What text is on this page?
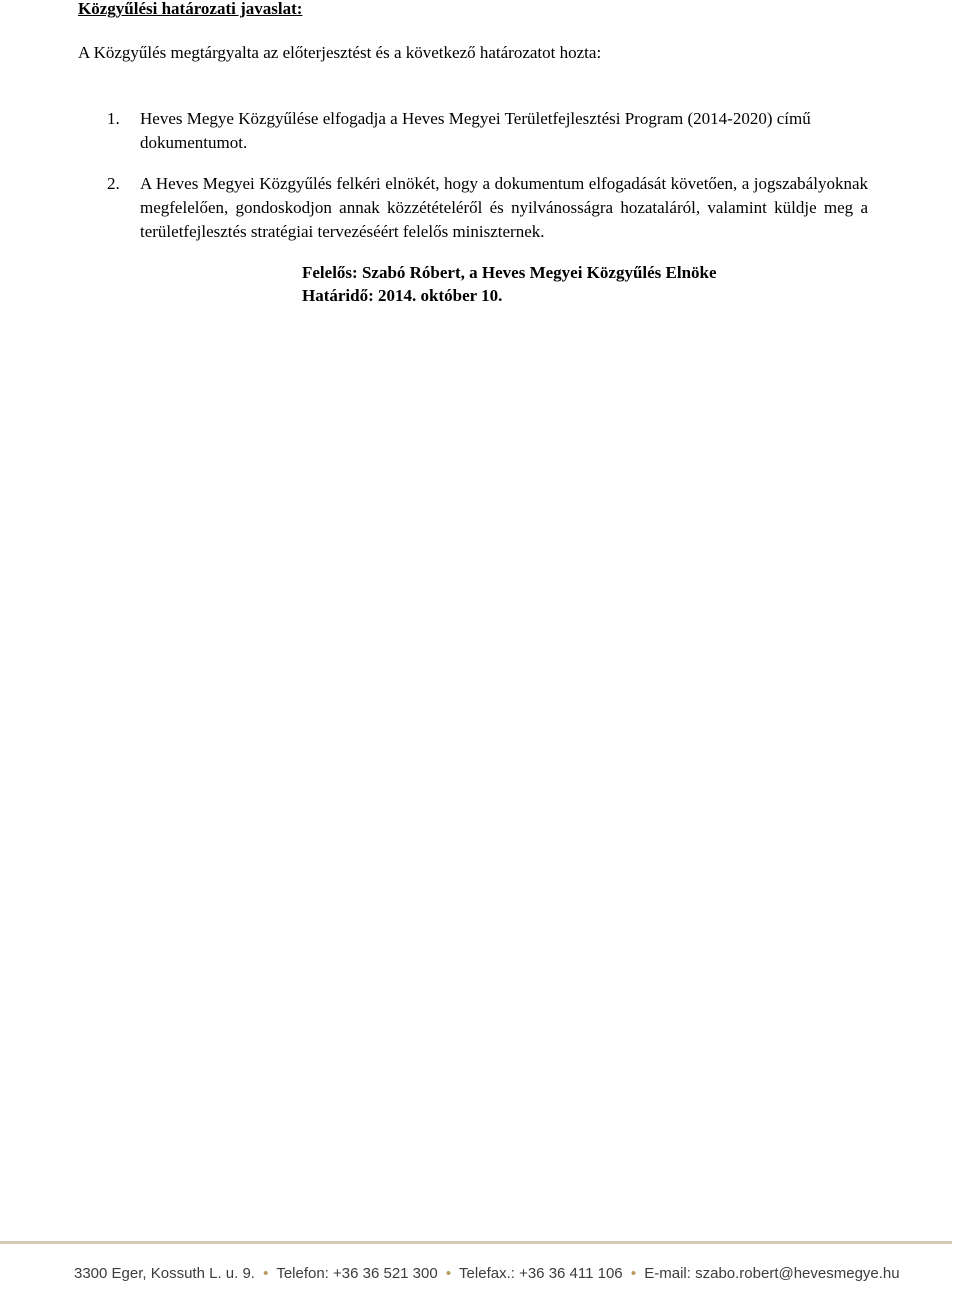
Közgyűlési határozati javaslat:
A Közgyűlés megtárgyalta az előterjesztést és a következő határozatot hozta:
1. Heves Megye Közgyűlése elfogadja a Heves Megyei Területfejlesztési Program (2014-2020) című dokumentumot.
2. A Heves Megyei Közgyűlés felkéri elnökét, hogy a dokumentum elfogadását követően, a jogszabályoknak megfelelően, gondoskodjon annak közzétételéről és nyilvánosságra hozataláról, valamint küldje meg a területfejlesztés stratégiai tervezéséért felelős miniszternek.
Felelős: Szabó Róbert, a Heves Megyei Közgyűlés Elnöke
Határidő: 2014. október 10.
3300 Eger, Kossuth L. u. 9. • Telefon: +36 36 521 300 • Telefax.: +36 36 411 106 • E-mail: szabo.robert@hevesmegye.hu
